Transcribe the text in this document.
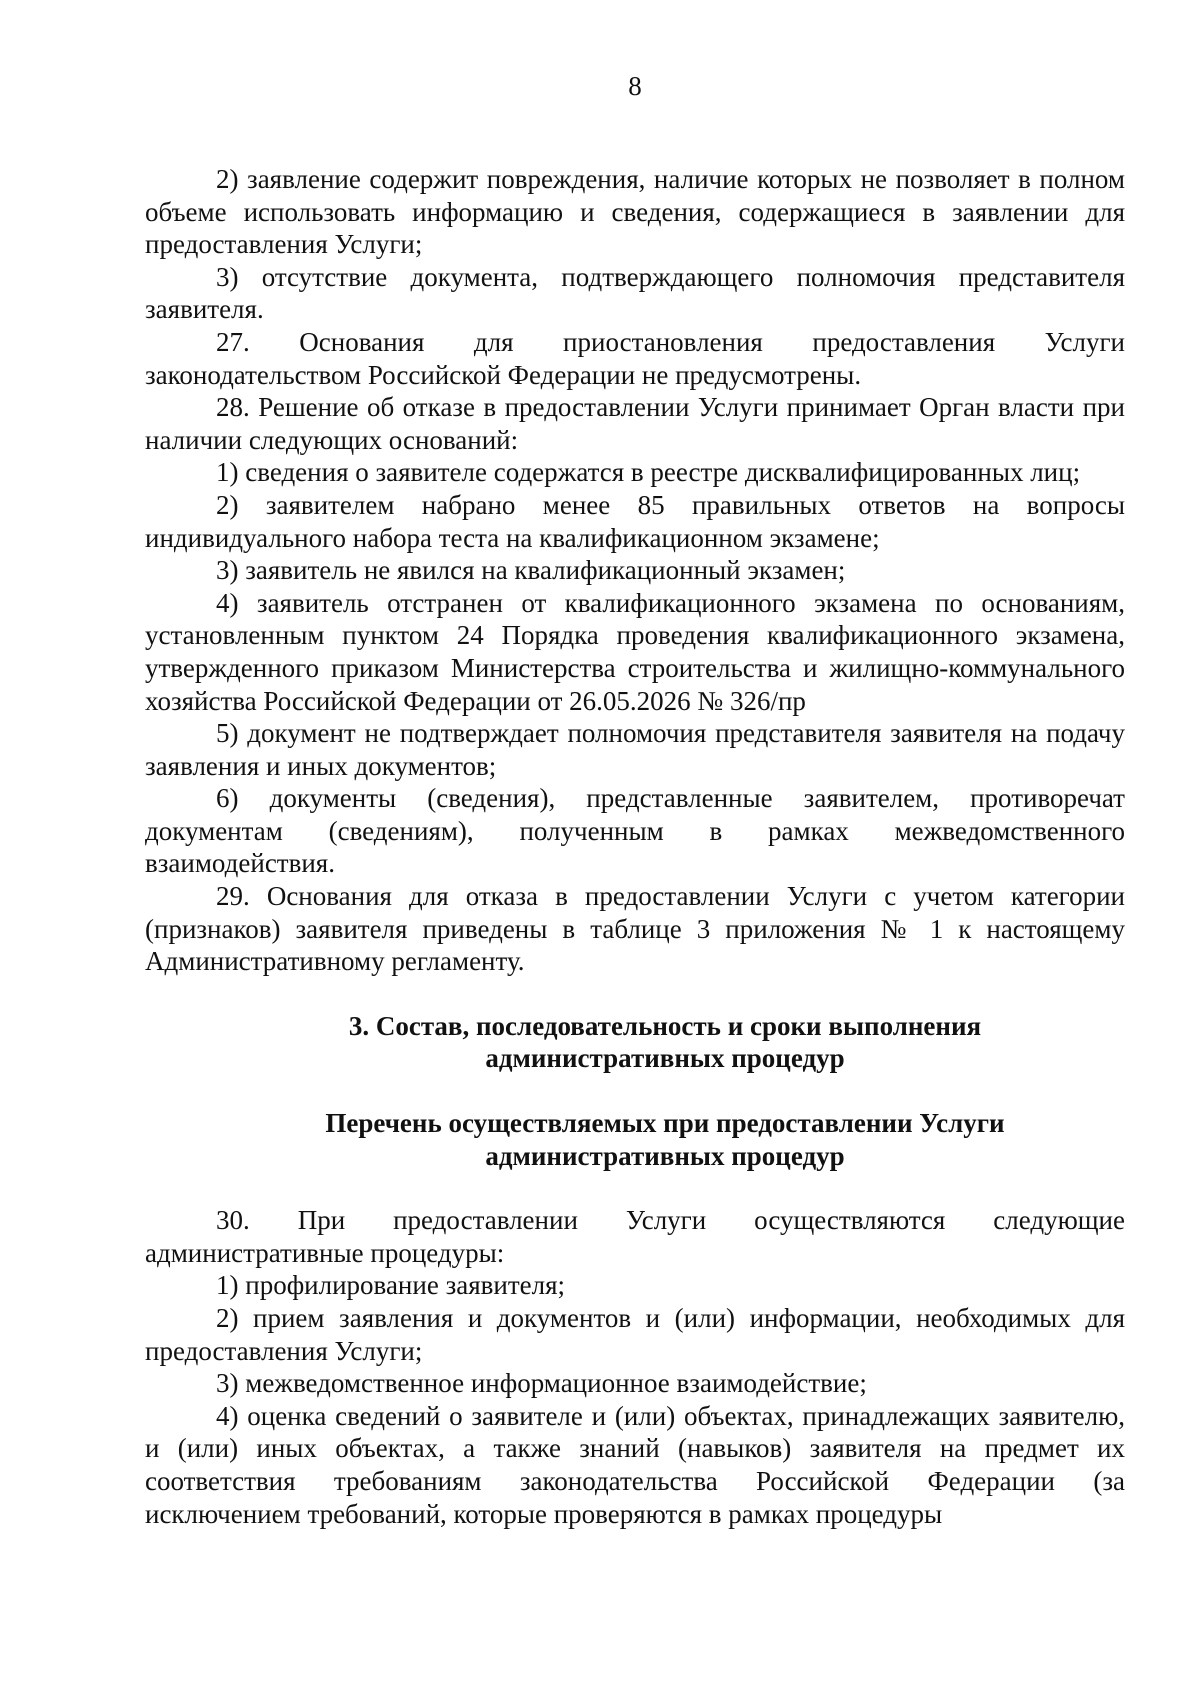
8

2) заявление содержит повреждения, наличие которых не позволяет в полном объеме использовать информацию и сведения, содержащиеся в заявлении для предоставления Услуги;

3) отсутствие документа, подтверждающего полномочия представителя заявителя.

27. Основания для приостановления предоставления Услуги законодательством Российской Федерации не предусмотрены.

28. Решение об отказе в предоставлении Услуги принимает Орган власти при наличии следующих оснований:

1) сведения о заявителе содержатся в реестре дисквалифицированных лиц;

2) заявителем набрано менее 85 правильных ответов на вопросы индивидуального набора теста на квалификационном экзамене;

3) заявитель не явился на квалификационный экзамен;

4) заявитель отстранен от квалификационного экзамена по основаниям, установленным пунктом 24 Порядка проведения квалификационного экзамена, утвержденного приказом Министерства строительства и жилищно-коммунального хозяйства Российской Федерации от 26.05.2026 № 326/пр

5) документ не подтверждает полномочия представителя заявителя на подачу заявления и иных документов;

6) документы (сведения), представленные заявителем, противоречат документам (сведениям), полученным в рамках межведомственного взаимодействия.

29. Основания для отказа в предоставлении Услуги с учетом категории (признаков) заявителя приведены в таблице 3 приложения № 1 к настоящему Административному регламенту.

3. Состав, последовательность и сроки выполнения
административных процедур
Перечень осуществляемых при предоставлении Услуги
административных процедур

30. При предоставлении Услуги осуществляются следующие административные процедуры:

1) профилирование заявителя;

2) прием заявления и документов и (или) информации, необходимых для предоставления Услуги;

3) межведомственное информационное взаимодействие;

4) оценка сведений о заявителе и (или) объектах, принадлежащих заявителю, и (или) иных объектах, а также знаний (навыков) заявителя на предмет их соответствия требованиям законодательства Российской Федерации (за исключением требований, которые проверяются в рамках процедуры
